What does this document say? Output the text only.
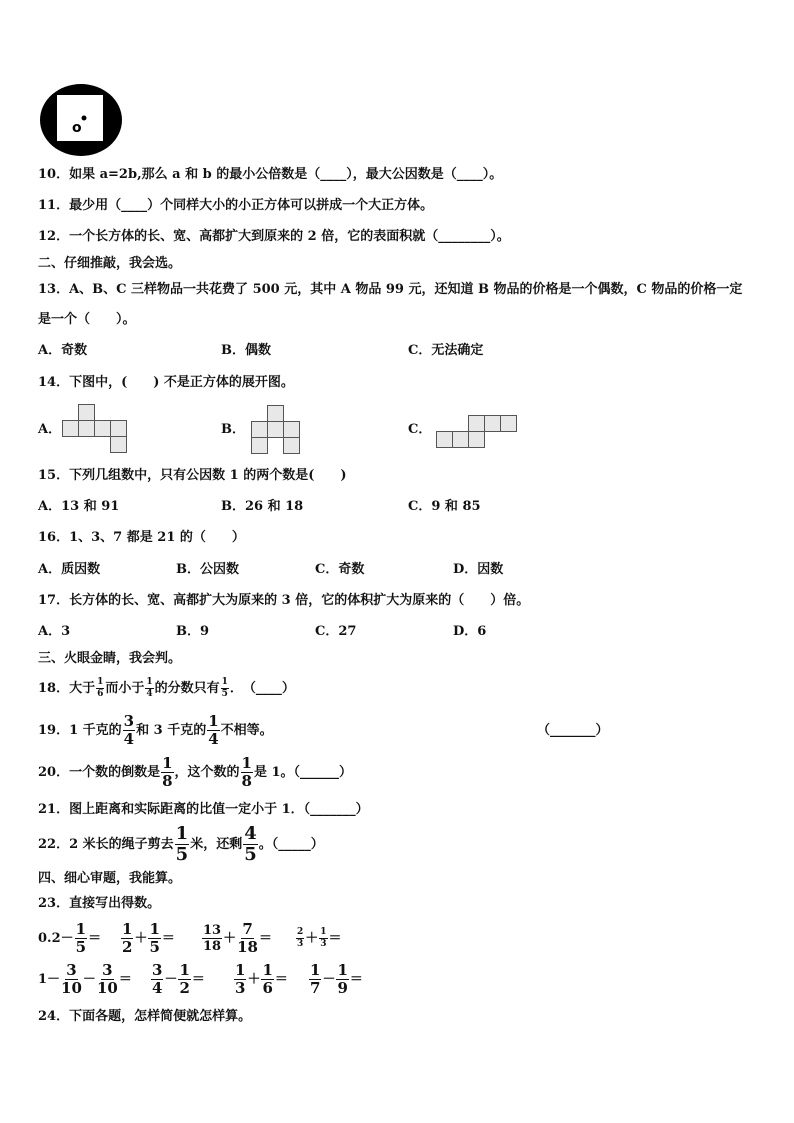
o
10．如果 a=2b,那么 a 和 b 的最小公倍数是（____），最大公因数是（____）。
11．最少用（____）个同样大小的小正方体可以拼成一个大正方体。
12．一个长方体的长、宽、高都扩大到原来的 2 倍，它的表面积就（________）。
二、仔细推敲，我会选。
13．A、B、C 三样物品一共花费了 500 元，其中 A 物品 99 元，还知道 B 物品的价格是一个偶数，C 物品的价格一定
是一个（　　）。
A．奇数	B．偶数	C．无法确定
14．下图中，(　　) 不是正方体的展开图。
A．	B．	C．
15．下列几组数中，只有公因数 1 的两个数是(　　)
A．13 和 91	B．26 和 18	C．9 和 85
16．1、3、7 都是 21 的（　　）
A．质因数	B．公因数	C．奇数	D．因数
17．长方体的长、宽、高都扩大为原来的 3 倍，它的体积扩大为原来的（　　）倍。
A．3	B．9	C．27	D．6
三、火眼金睛，我会判。
18．大于 $\frac{1}{6}$ 而小于 $\frac{1}{4}$ 的分数只有 $\frac{1}{5}$ ．　（____）
19．1 千克的 $\frac{3}{4}$ 和 3 千克的 $\frac{1}{4}$ 不相等。	（_______）
20．一个数的倒数是 $\frac{1}{8}$ ，这个数的 $\frac{1}{8}$ 是 1。（______）
21．图上距离和实际距离的比值一定小于 1．（_______）
22．2 米长的绳子剪去 $\frac{1}{5}$ 米，还剩 $\frac{4}{5}$ 。（_____）
四、细心审题，我能算。
23．直接写出得数。
$0.2- \frac{1}{5} = \frac{1}{2} + \frac{1}{5} = \frac{13}{18} + \frac{7}{18}$ ＝	$\frac{2}{3} + \frac{1}{3}$ ＝
$1- \frac{3}{10} - \frac{3}{10} = \frac{3}{4} - \frac{1}{2} = \frac{1}{3} + \frac{1}{6} = \frac{1}{7} - \frac{1}{9}$ ＝
24．下面各题，怎样简便就怎样算。
